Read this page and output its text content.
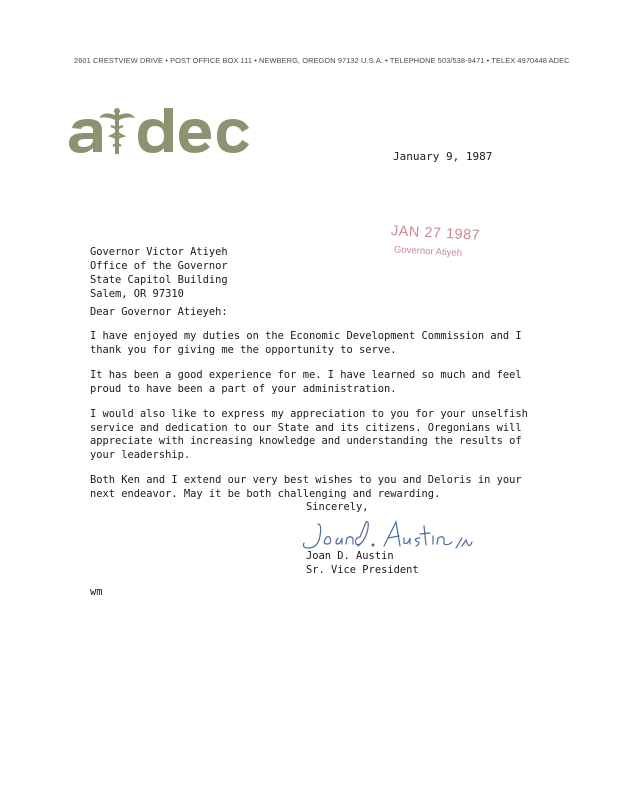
2601 CRESTVIEW DRIVE • POST OFFICE BOX 111 • NEWBERG, OREGON 97132 U.S.A. • TELEPHONE 503/538-9471 • TELEX 4970448 ADEC
January 9, 1987
JAN 27 1987
Governor Atiyeh
Governor Victor Atiyeh
Office of the Governor
State Capitol Building
Salem, OR 97310
Dear Governor Atieyeh:
I have enjoyed my duties on the Economic Development Commission and I
thank you for giving me the opportunity to serve.
It has been a good experience for me. I have learned so much and feel
proud to have been a part of your administration.
I would also like to express my appreciation to you for your unselfish
service and dedication to our State and its citizens. Oregonians will
appreciate with increasing knowledge and understanding the results of
your leadership.
Both Ken and I extend our very best wishes to you and Deloris in your
next endeavor. May it be both challenging and rewarding.
Sincerely,
Joan D. Austin
Sr. Vice President
wm
